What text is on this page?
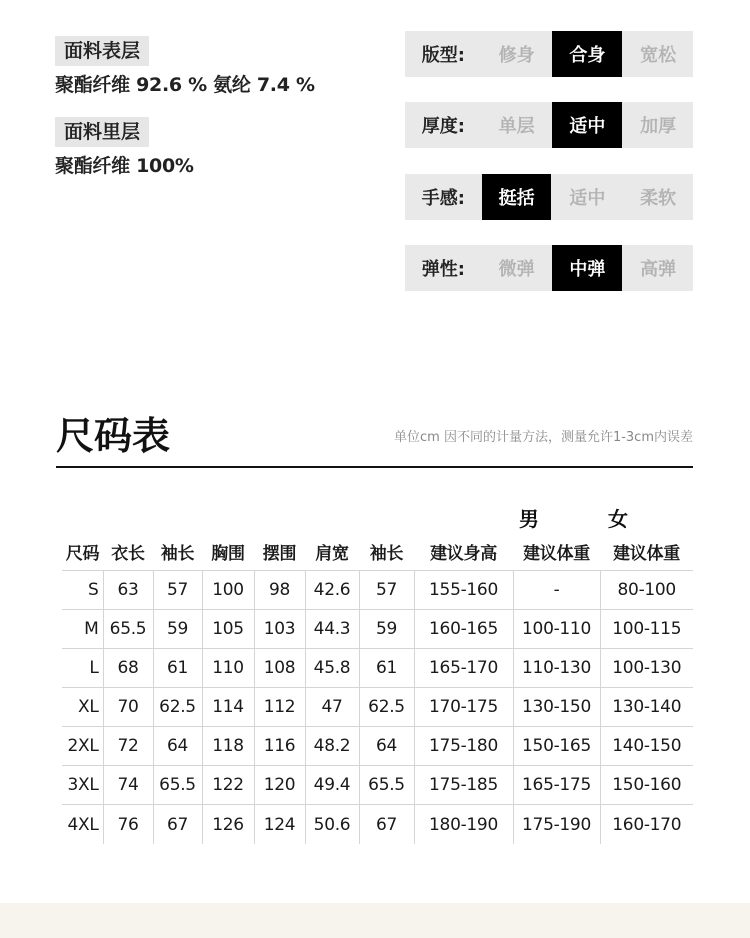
面料表层
聚酯纤维 92.6 % 氨纶 7.4 %
面料里层
聚酯纤维 100%
版型:	修身	合身	宽松
厚度:	单层	适中	加厚
手感:	挺括	适中	柔软
弹性:	微弹	中弹	高弹
尺码表	单位cm 因不同的计量方法，测量允许1-3cm内误差
男	女
尺码	衣长	袖长	胸围	摆围	肩宽	袖长	建议身高	建议体重	建议体重
S	63	57	100	98	42.6	57	155-160	-	80-100
M	65.5	59	105	103	44.3	59	160-165	100-110	100-115
L	68	61	110	108	45.8	61	165-170	110-130	100-130
XL	70	62.5	114	112	47	62.5	170-175	130-150	130-140
2XL	72	64	118	116	48.2	64	175-180	150-165	140-150
3XL	74	65.5	122	120	49.4	65.5	175-185	165-175	150-160
4XL	76	67	126	124	50.6	67	180-190	175-190	160-170
